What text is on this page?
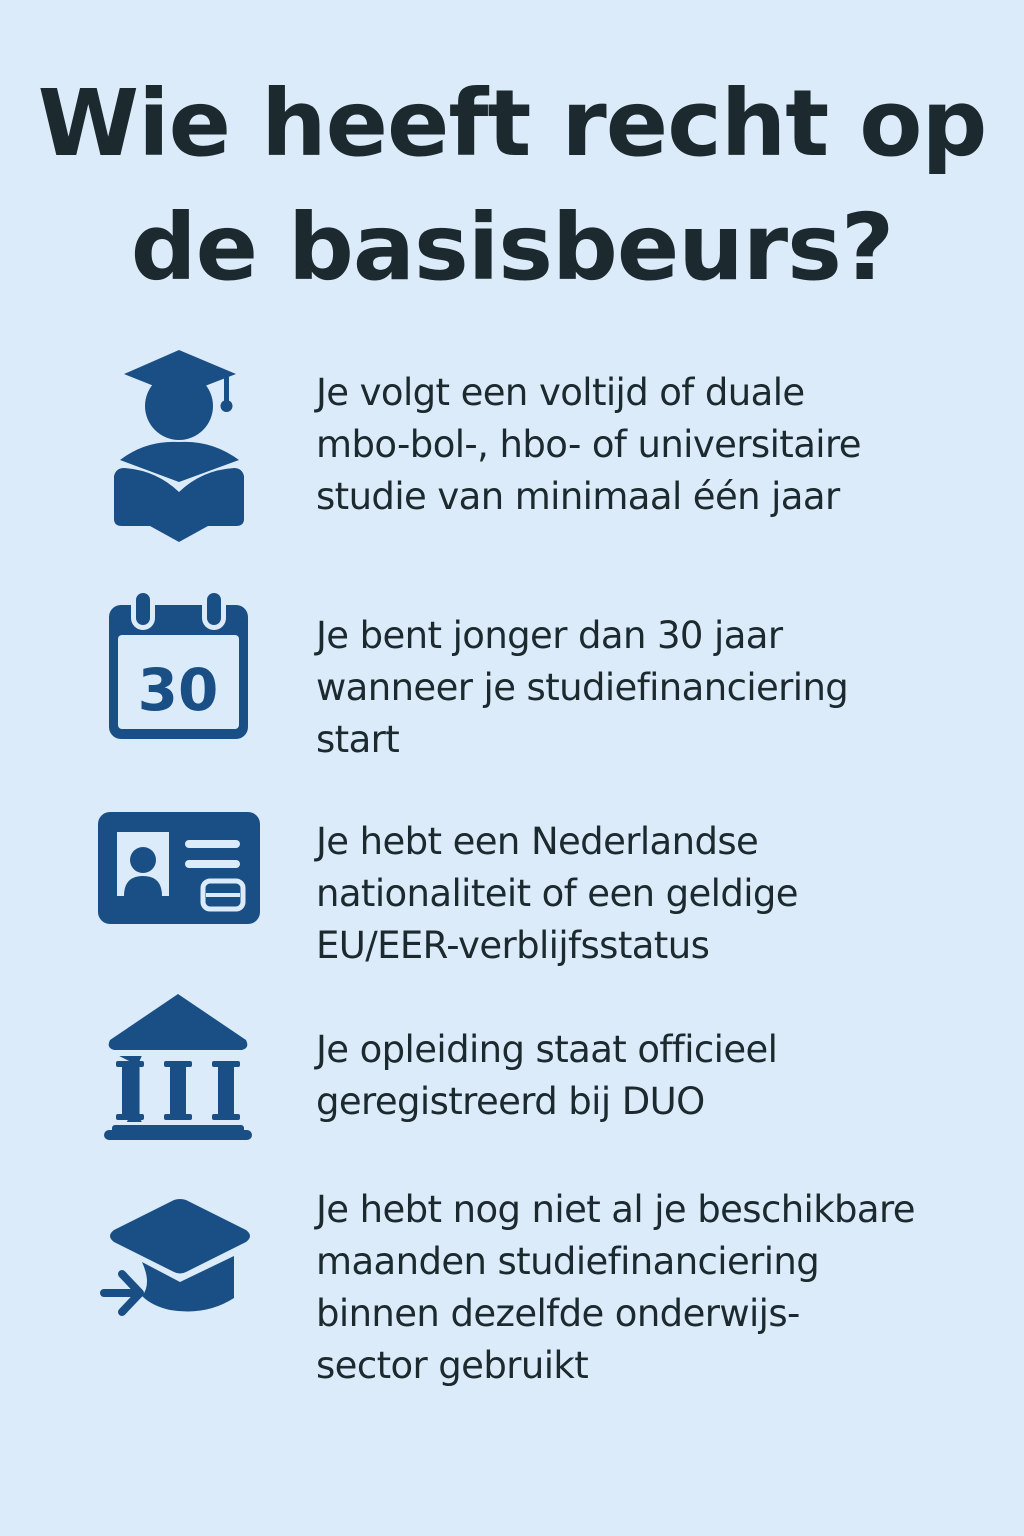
Wie heeft recht op
de basisbeurs?
Je volgt een voltijd of duale
mbo-bol-, hbo- of universitaire
studie van minimaal één jaar
30
Je bent jonger dan 30 jaar
wanneer je studiefinanciering
start
Je hebt een Nederlandse
nationaliteit of een geldige
EU/EER-verblijfsstatus
Je opleiding staat officieel
geregistreerd bij DUO
Je hebt nog niet al je beschikbare
maanden studiefinanciering
binnen dezelfde onderwijs-
sector gebruikt
